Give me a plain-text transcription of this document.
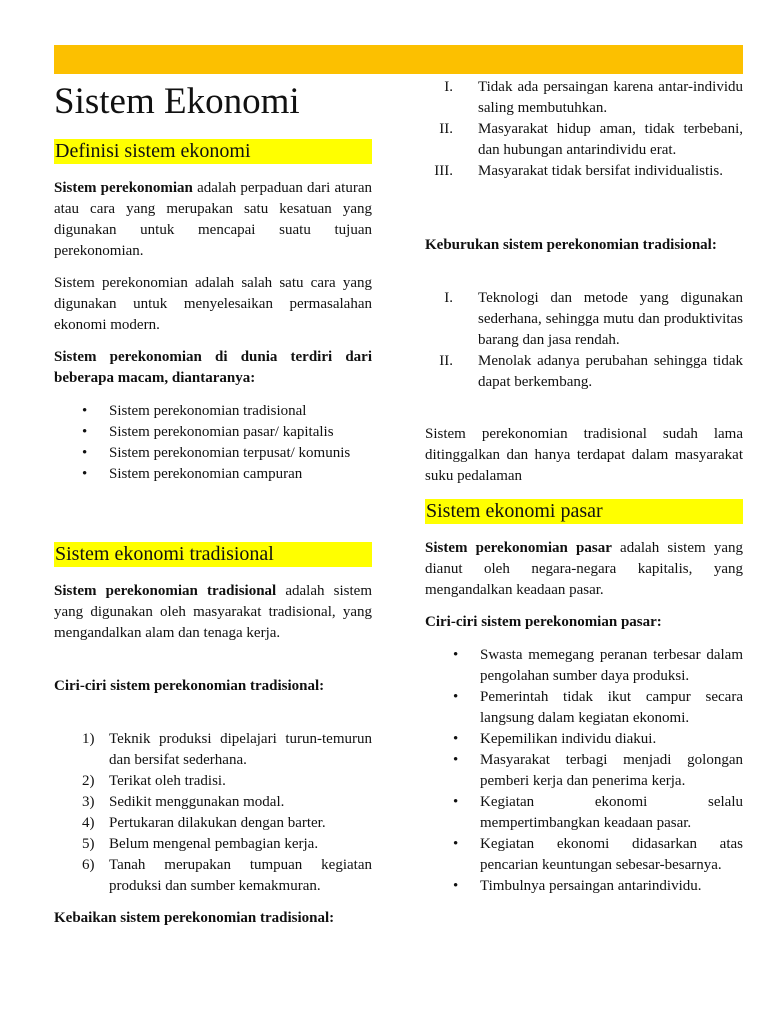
Sistem Ekonomi
Definisi sistem ekonomi

Sistem perekonomian adalah perpaduan dari aturan atau cara yang merupakan satu kesatuan yang digunakan untuk mencapai suatu tujuan perekonomian.

Sistem perekonomian adalah salah satu cara yang digunakan untuk menyelesaikan permasalahan ekonomi modern.

Sistem perekonomian di dunia terdiri dari beberapa macam, diantaranya:

• Sistem perekonomian tradisional
• Sistem perekonomian pasar/ kapitalis
• Sistem perekonomian terpusat/ komunis
• Sistem perekonomian campuran
Sistem ekonomi tradisional

Sistem perekonomian tradisional adalah sistem yang digunakan oleh masyarakat tradisional, yang mengandalkan alam dan tenaga kerja.

Ciri-ciri sistem perekonomian tradisional:

1) Teknik produksi dipelajari turun-temurun dan bersifat sederhana.
2) Terikat oleh tradisi.
3) Sedikit menggunakan modal.
4) Pertukaran dilakukan dengan barter.
5) Belum mengenal pembagian kerja.
6) Tanah merupakan tumpuan kegiatan produksi dan sumber kemakmuran.

Kebaikan sistem perekonomian tradisional:

I. Tidak ada persaingan karena antar-individu saling membutuhkan.
II. Masyarakat hidup aman, tidak terbebani, dan hubungan antarindividu erat.
III. Masyarakat tidak bersifat individualistis.

Keburukan sistem perekonomian tradisional:

I. Teknologi dan metode yang digunakan sederhana, sehingga mutu dan produktivitas barang dan jasa rendah.
II. Menolak adanya perubahan sehingga tidak dapat berkembang.

Sistem perekonomian tradisional sudah lama ditinggalkan dan hanya terdapat dalam masyarakat suku pedalaman

Sistem ekonomi pasar

Sistem perekonomian pasar adalah sistem yang dianut oleh negara-negara kapitalis, yang mengandalkan keadaan pasar.

Ciri-ciri sistem perekonomian pasar:

• Swasta memegang peranan terbesar dalam pengolahan sumber daya produksi.
• Pemerintah tidak ikut campur secara langsung dalam kegiatan ekonomi.
• Kepemilikan individu diakui.
• Masyarakat terbagi menjadi golongan pemberi kerja dan penerima kerja.
• Kegiatan ekonomi selalu mempertimbangkan keadaan pasar.
• Kegiatan ekonomi didasarkan atas pencarian keuntungan sebesar-besarnya.
• Timbulnya persaingan antarindividu.
